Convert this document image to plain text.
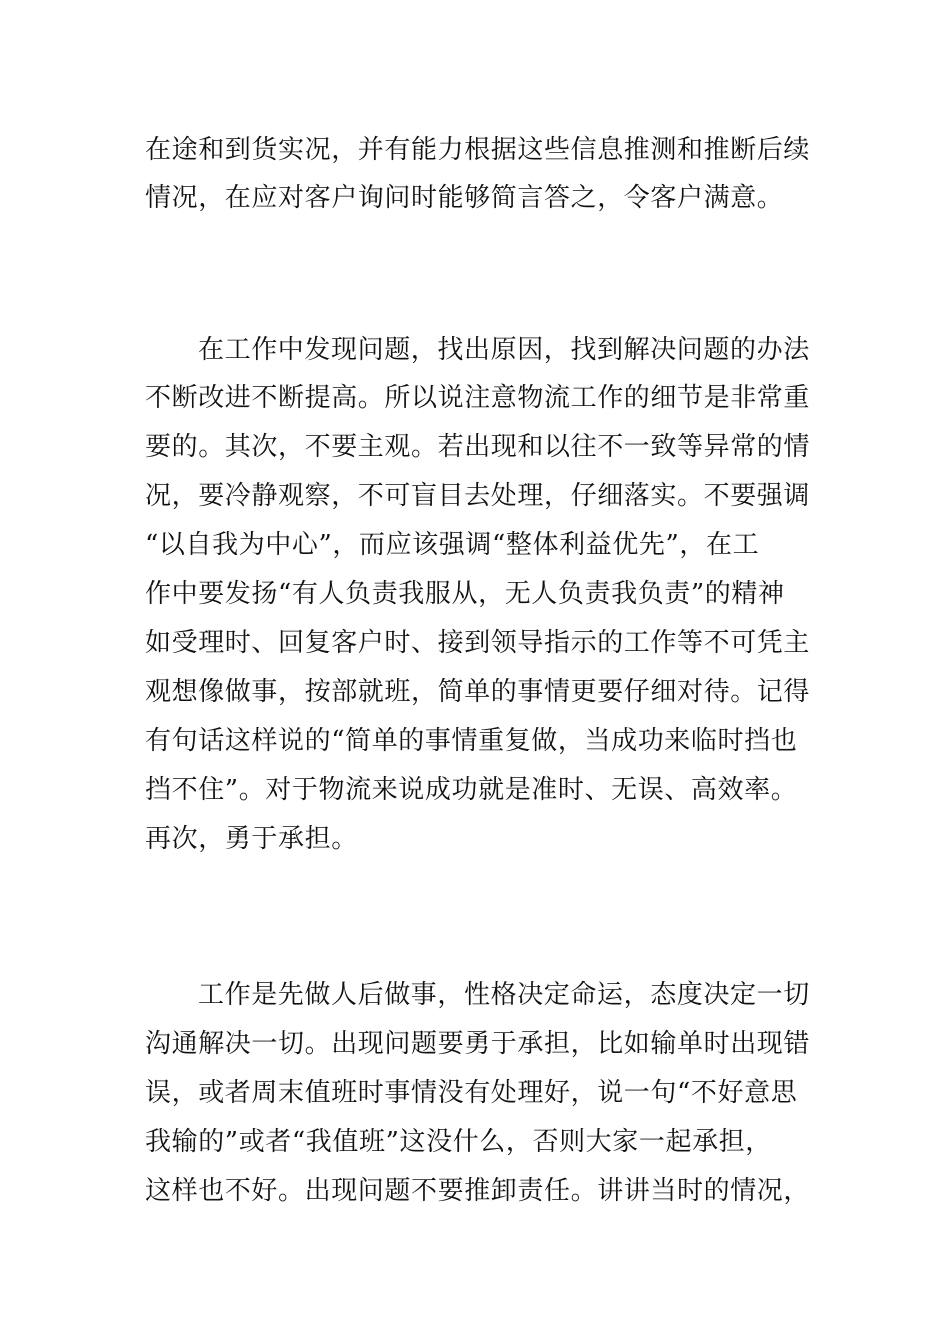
在途和到货实况，并有能力根据这些信息推测和推断后续

情况，在应对客户询问时能够简言答之，令客户满意。

在工作中发现问题，找出原因，找到解决问题的办法

不断改进不断提高。所以说注意物流工作的细节是非常重

要的。其次，不要主观。若出现和以往不一致等异常的情

况，要冷静观察，不可盲目去处理，仔细落实。不要强调

“以自我为中心”，而应该强调“整体利益优先”，在工

作中要发扬“有人负责我服从，无人负责我负责”的精神

如受理时、回复客户时、接到领导指示的工作等不可凭主

观想像做事，按部就班，简单的事情更要仔细对待。记得

有句话这样说的“简单的事情重复做，当成功来临时挡也

挡不住”。对于物流来说成功就是准时、无误、高效率。

再次，勇于承担。

工作是先做人后做事，性格决定命运，态度决定一切

沟通解决一切。出现问题要勇于承担，比如输单时出现错

误，或者周末值班时事情没有处理好，说一句“不好意思

我输的”或者“我值班”这没什么，否则大家一起承担，

这样也不好。出现问题不要推卸责任。讲讲当时的情况，
